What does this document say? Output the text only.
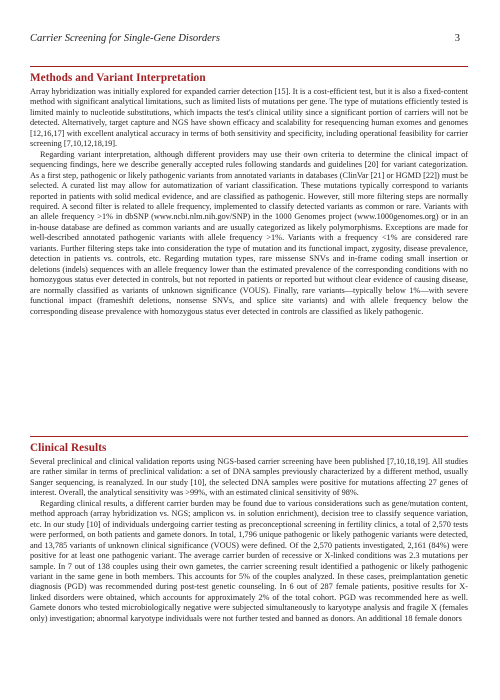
Carrier Screening for Single-Gene Disorders	3
Methods and Variant Interpretation

Array hybridization was initially explored for expanded carrier detection [15]. It is a cost-efficient test, but it is also a fixed-content method with significant analytical limitations, such as limited lists of mutations per gene. The type of mutations efficiently tested is limited mainly to nucleotide substitutions, which impacts the test's clinical utility since a significant portion of carriers will not be detected. Alternatively, target capture and NGS have shown efficacy and scalability for resequencing human exomes and genomes [12,16,17] with excellent analytical accuracy in terms of both sensitivity and specificity, including operational feasibility for carrier screening [7,10,12,18,19].

Regarding variant interpretation, although different providers may use their own criteria to determine the clinical impact of sequencing findings, here we describe generally accepted rules following standards and guidelines [20] for variant categorization. As a first step, pathogenic or likely pathogenic variants from annotated variants in databases (ClinVar [21] or HGMD [22]) must be selected. A curated list may allow for automatization of variant classification. These mutations typically correspond to variants reported in patients with solid medical evidence, and are classified as pathogenic. However, still more filtering steps are normally required. A second filter is related to allele frequency, implemented to classify detected variants as common or rare. Variants with an allele frequency >1% in dbSNP (www.ncbi.nlm.nih.gov/SNP) in the 1000 Genomes project (www.1000genomes.org) or in an in-house database are defined as common variants and are usually categorized as likely polymorphisms. Exceptions are made for well-described annotated pathogenic variants with allele frequency >1%. Variants with a frequency <1% are considered rare variants. Further filtering steps take into consideration the type of mutation and its functional impact, zygosity, disease prevalence, detection in patients vs. controls, etc. Regarding mutation types, rare missense SNVs and in-frame coding small insertion or deletions (indels) sequences with an allele frequency lower than the estimated prevalence of the corresponding conditions with no homozygous status ever detected in controls, but not reported in patients or reported but without clear evidence of causing disease, are normally classified as variants of unknown significance (VOUS). Finally, rare variants—typically below 1%—with severe functional impact (frameshift deletions, nonsense SNVs, and splice site variants) and with allele frequency below the corresponding disease prevalence with homozygous status ever detected in controls are classified as likely pathogenic.

Clinical Results

Several preclinical and clinical validation reports using NGS-based carrier screening have been published [7,10,18,19]. All studies are rather similar in terms of preclinical validation: a set of DNA samples previously characterized by a different method, usually Sanger sequencing, is reanalyzed. In our study [10], the selected DNA samples were positive for mutations affecting 27 genes of interest. Overall, the analytical sensitivity was >99%, with an estimated clinical sensitivity of 98%.

Regarding clinical results, a different carrier burden may be found due to various considerations such as gene/mutation content, method approach (array hybridization vs. NGS; amplicon vs. in solution enrichment), decision tree to classify sequence variation, etc. In our study [10] of individuals undergoing carrier testing as preconceptional screening in fertility clinics, a total of 2,570 tests were performed, on both patients and gamete donors. In total, 1,796 unique pathogenic or likely pathogenic variants were detected, and 13,785 variants of unknown clinical significance (VOUS) were defined. Of the 2,570 patients investigated, 2,161 (84%) were positive for at least one pathogenic variant. The average carrier burden of recessive or X-linked conditions was 2.3 mutations per sample. In 7 out of 138 couples using their own gametes, the carrier screening result identified a pathogenic or likely pathogenic variant in the same gene in both members. This accounts for 5% of the couples analyzed. In these cases, preimplantation genetic diagnosis (PGD) was recommended during post-test genetic counseling. In 6 out of 287 female patients, positive results for X-linked disorders were obtained, which accounts for approximately 2% of the total cohort. PGD was recommended here as well. Gamete donors who tested microbiologically negative were subjected simultaneously to karyotype analysis and fragile X (females only) investigation; abnormal karyotype individuals were not further tested and banned as donors. An additional 18 female donors
